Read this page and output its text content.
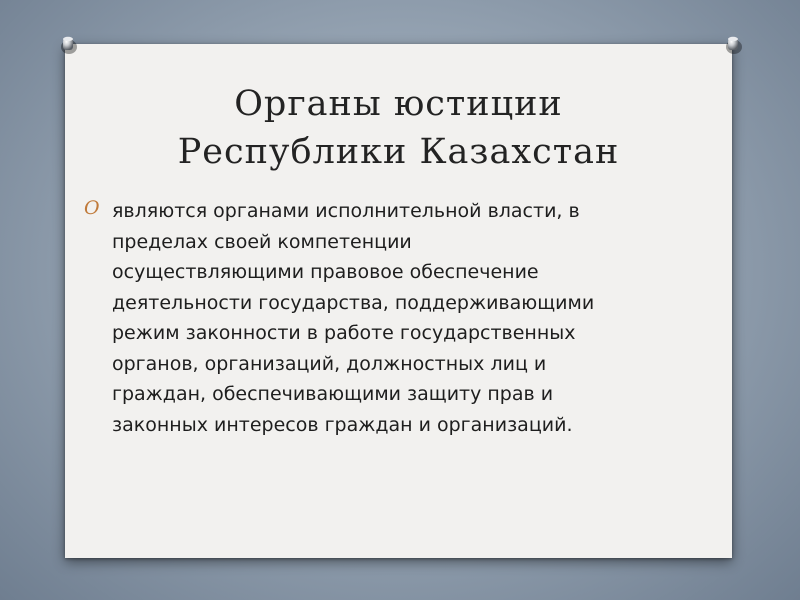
Органы юстиции
Республики Казахстан
O являются органами исполнительной власти, в
пределах своей компетенции
осуществляющими правовое обеспечение
деятельности государства, поддерживающими
режим законности в работе государственных
органов, организаций, должностных лиц и
граждан, обеспечивающими защиту прав и
законных интересов граждан и организаций.
